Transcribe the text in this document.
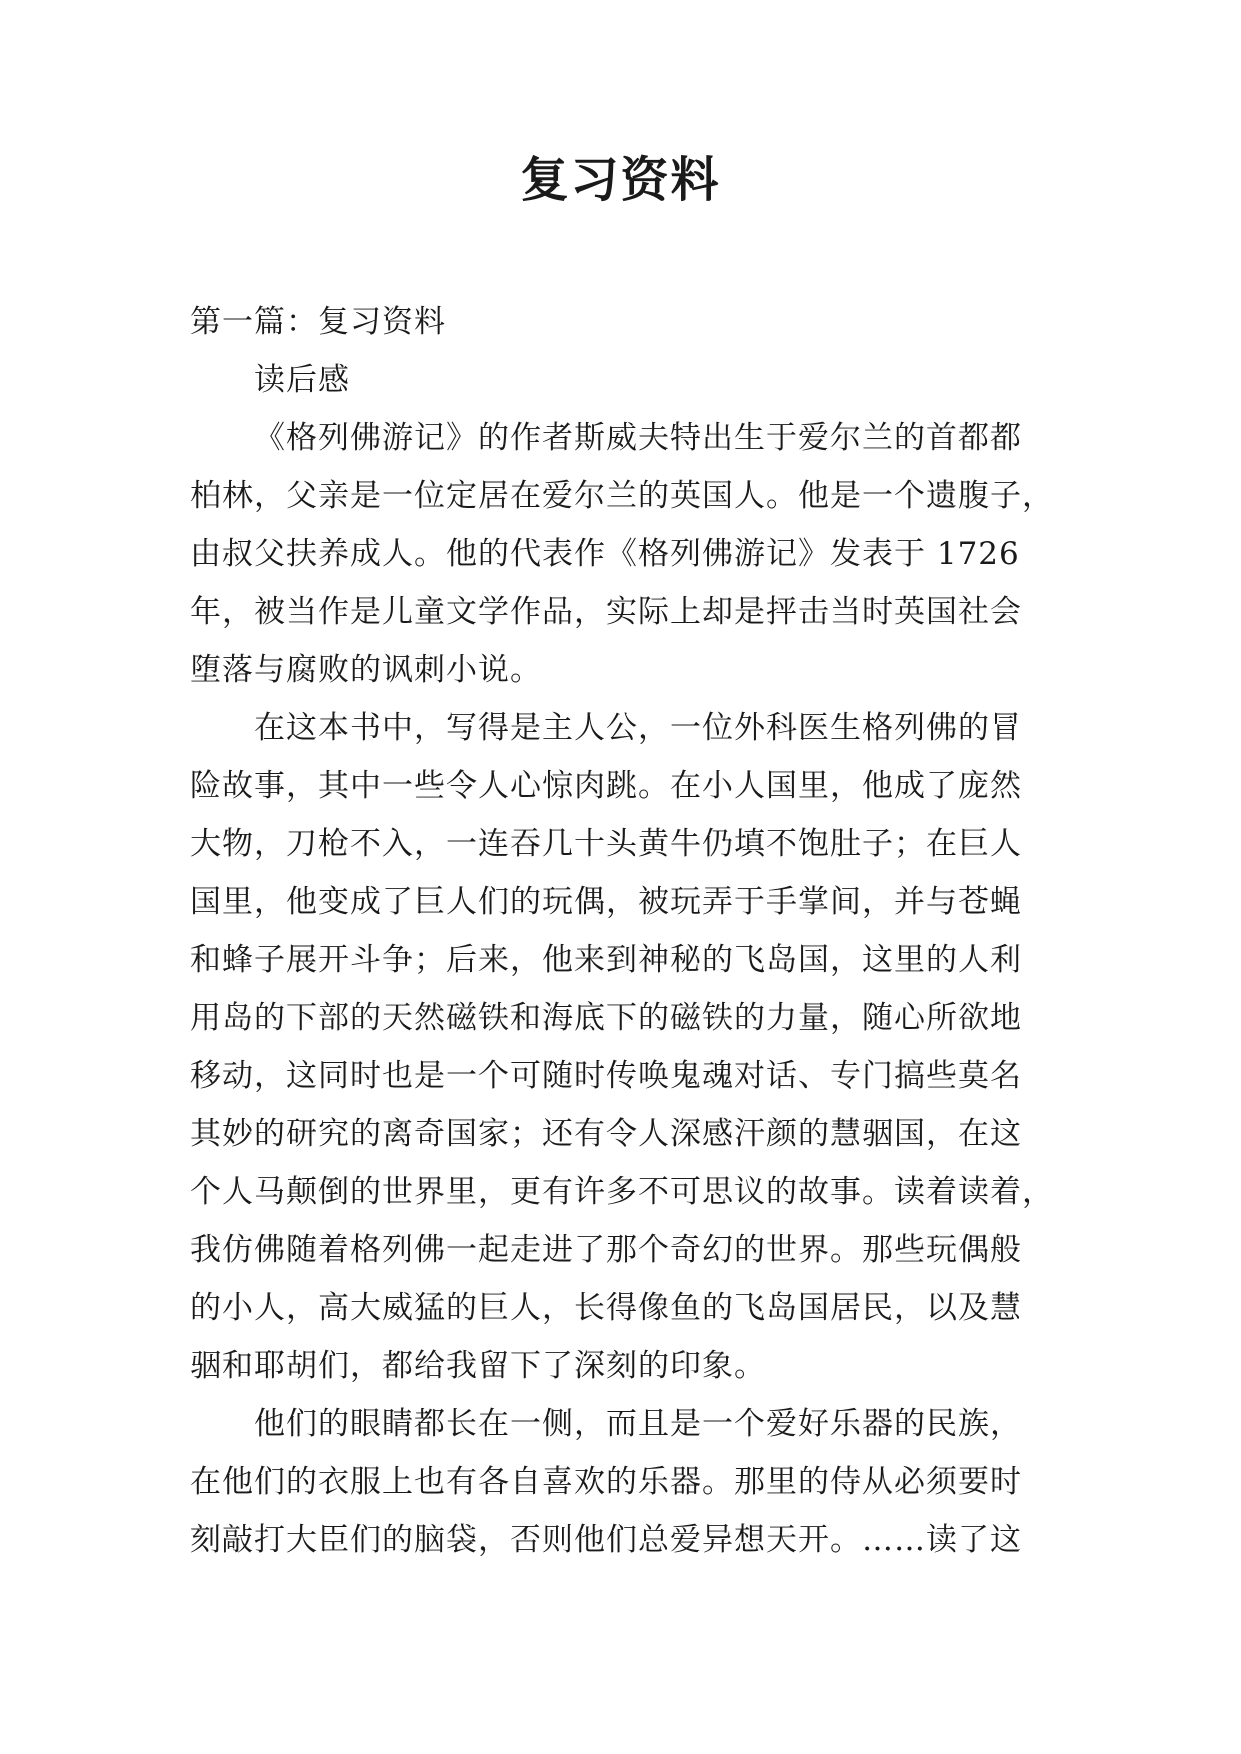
复习资料
第一篇：复习资料
读后感
《格列佛游记》的作者斯威夫特出生于爱尔兰的首都都
柏林，父亲是一位定居在爱尔兰的英国人。他是一个遗腹子，
由叔父扶养成人。他的代表作《格列佛游记》发表于 1726
年，被当作是儿童文学作品，实际上却是抨击当时英国社会
堕落与腐败的讽刺小说。
在这本书中，写得是主人公，一位外科医生格列佛的冒
险故事，其中一些令人心惊肉跳。在小人国里，他成了庞然
大物，刀枪不入，一连吞几十头黄牛仍填不饱肚子；在巨人
国里，他变成了巨人们的玩偶，被玩弄于手掌间，并与苍蝇
和蜂子展开斗争；后来，他来到神秘的飞岛国，这里的人利
用岛的下部的天然磁铁和海底下的磁铁的力量，随心所欲地
移动，这同时也是一个可随时传唤鬼魂对话、专门搞些莫名
其妙的研究的离奇国家；还有令人深感汗颜的慧骃国，在这
个人马颠倒的世界里，更有许多不可思议的故事。读着读着，
我仿佛随着格列佛一起走进了那个奇幻的世界。那些玩偶般
的小人，高大威猛的巨人，长得像鱼的飞岛国居民，以及慧
骃和耶胡们，都给我留下了深刻的印象。
他们的眼睛都长在一侧，而且是一个爱好乐器的民族，
在他们的衣服上也有各自喜欢的乐器。那里的侍从必须要时
刻敲打大臣们的脑袋，否则他们总爱异想天开。……读了这
